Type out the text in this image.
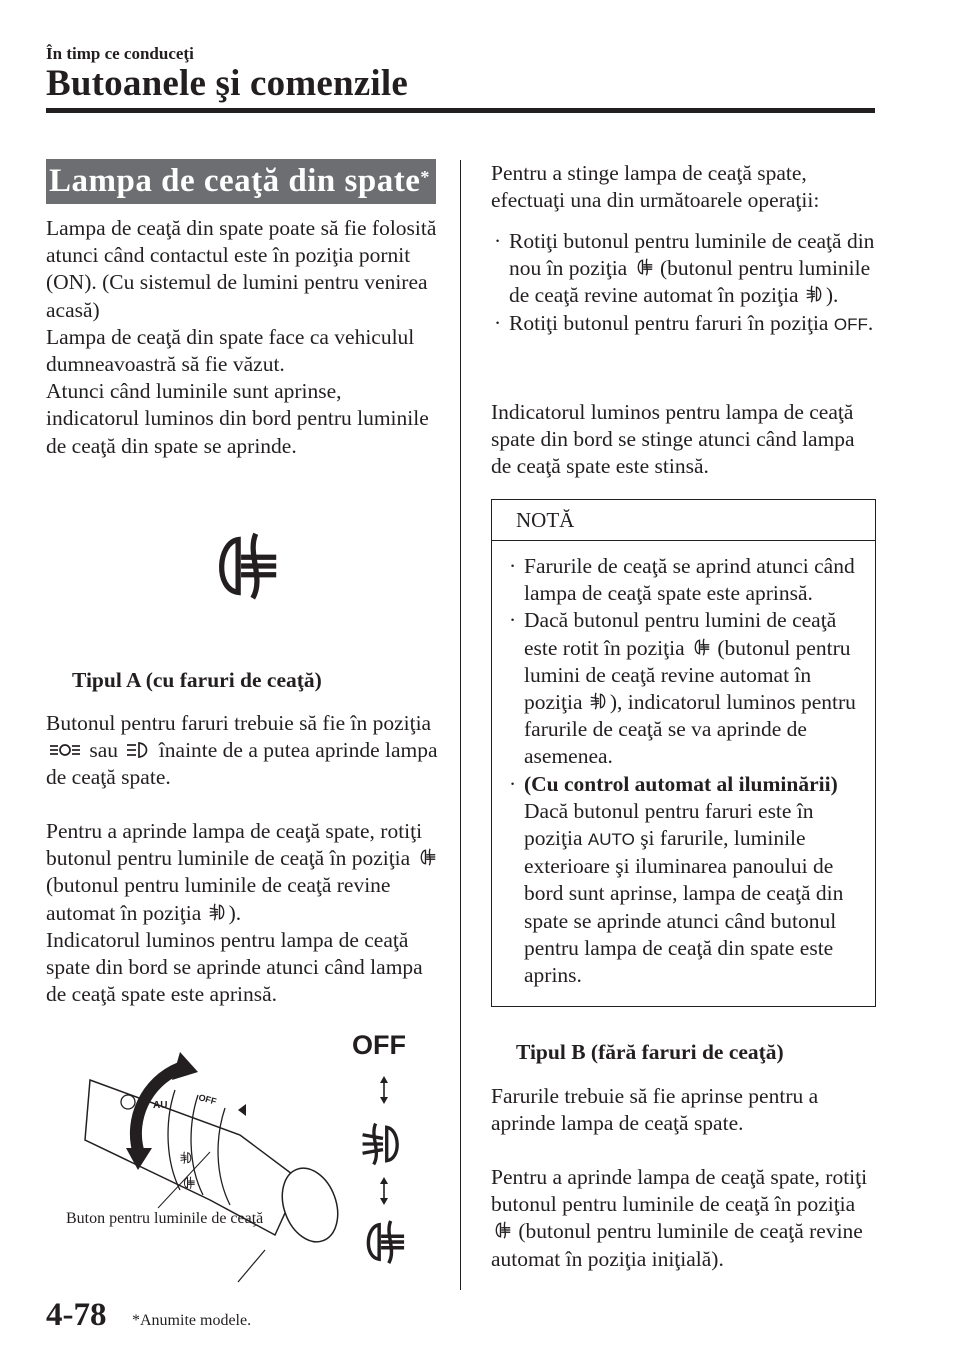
În timp ce conduceţi
Butoanele şi comenzile
Lampa de ceaţă din spate*
Lampa de ceaţă din spate poate să fie folosită atunci când contactul este în poziţia pornit (ON). (Cu sistemul de lumini pentru venirea acasă)
Lampa de ceaţă din spate face ca vehiculul dumneavoastră să fie văzut.
Atunci când luminile sunt aprinse, indicatorul luminos din bord pentru luminile de ceaţă din spate se aprinde.
Tipul A (cu faruri de ceaţă)
Butonul pentru faruri trebuie să fie în poziţia  sau înainte de a putea aprinde lampa de ceaţă spate.
Pentru a aprinde lampa de ceaţă spate, rotiţi butonul pentru luminile de ceaţă în poziţia  (butonul pentru luminile de ceaţă revine automat în poziţia ).
Indicatorul luminos pentru lampa de ceaţă spate din bord se aprinde atunci când lampa de ceaţă spate este aprinsă.
AU	OFF
Buton pentru luminile de ceaţă
OFF
Pentru a stinge lampa de ceaţă spate, efectuaţi una din următoarele operaţii:
· Rotiţi butonul pentru luminile de ceaţă din nou în poziţia (butonul pentru luminile de ceaţă revine automat în poziţia ).
· Rotiţi butonul pentru faruri în poziţia OFF.
Indicatorul luminos pentru lampa de ceaţă spate din bord se stinge atunci când lampa de ceaţă spate este stinsă.
NOTĂ
· Farurile de ceaţă se aprind atunci când lampa de ceaţă spate este aprinsă.
· Dacă butonul pentru lumini de ceaţă este rotit în poziţia (butonul pentru lumini de ceaţă revine automat în poziţia ), indicatorul luminos pentru farurile de ceaţă se va aprinde de asemenea.
· (Cu control automat al iluminării)
Dacă butonul pentru faruri este în poziţia AUTO şi farurile, luminile exterioare şi iluminarea panoului de bord sunt aprinse, lampa de ceaţă din spate se aprinde atunci când butonul pentru lampa de ceaţă din spate este aprins.
Tipul B (fără faruri de ceaţă)
Farurile trebuie să fie aprinse pentru a aprinde lampa de ceaţă spate.
Pentru a aprinde lampa de ceaţă spate, rotiţi butonul pentru luminile de ceaţă în poziţia  (butonul pentru luminile de ceaţă revine automat în poziţia iniţială).
4-78 *Anumite modele.
